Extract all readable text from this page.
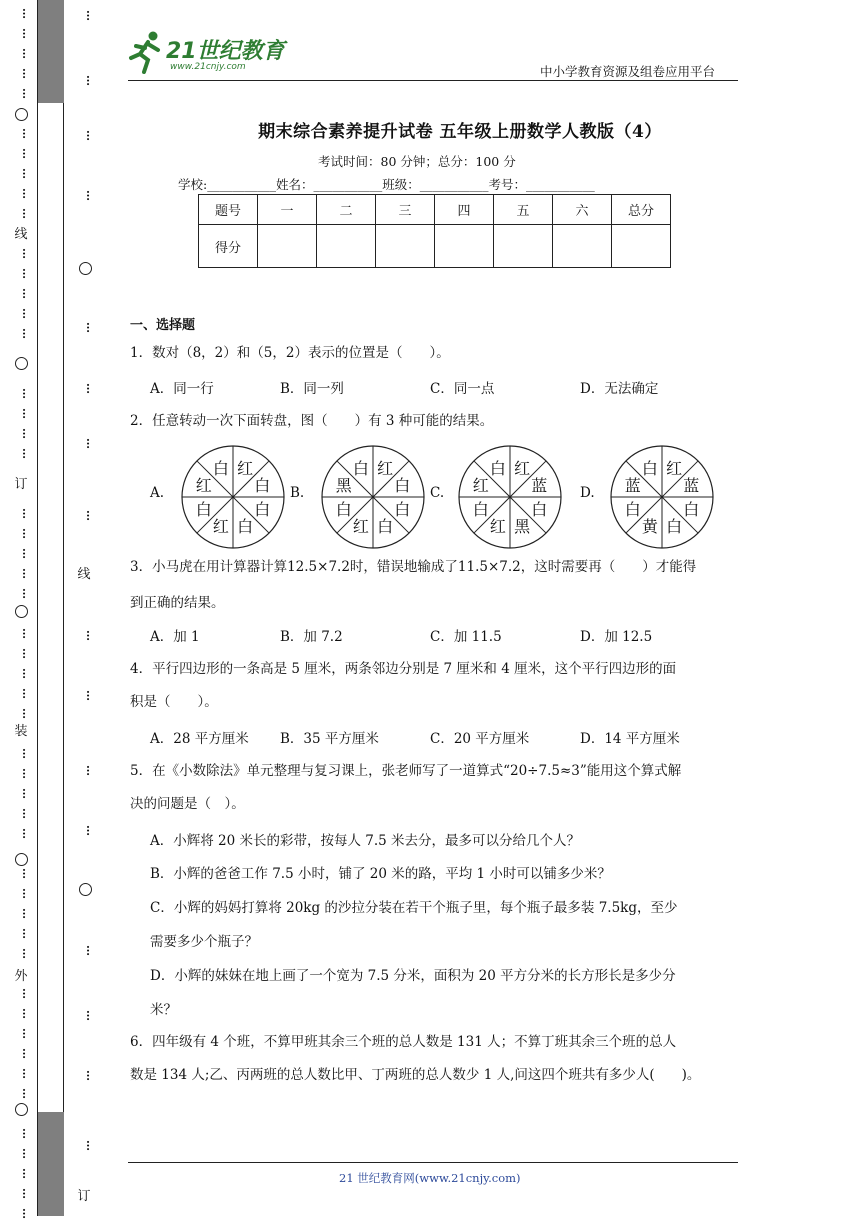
…
…
…
…
…
…
…
…
…
…
…
…
…
…
…
…
…
…
…
…
…
…
…
…
…
…
…
…
…
…
…
…
…
…
…
…
…
…
…
…
…
…
…
…
…
…
…
…
…
…
…
…
…
…
…
…
…
…
…
…
…
…
…
…
…
…
线
订
装
外
线
订
21世纪教育
www.21cnjy.com	中小学教育资源及组卷应用平台
期末综合素养提升试卷 五年级上册数学人教版（4）
考试时间：80 分钟；总分：100 分
学校:___________姓名：___________班级：___________考号：___________
题号	一	二	三	四	五	六	总分
得分							
一、选择题
1．数对（8，2）和（5，2）表示的位置是（　　）。
A．同一行	B．同一列	C．同一点	D．无法确定
2．任意转动一次下面转盘，图（　　）有 3 种可能的结果。
A.
白 红
白
白
白
红
白
红	B.
白 红
白
白
白
红
白
黑	C.
白 红
蓝
白
黑
红
白
红	D.
白 红
蓝
白
白
黄
白
蓝
3．小马虎在用计算器计算12.5×7.2时，错误地输成了11.5×7.2，这时需要再（　　）才能得
到正确的结果。
A．加 1	B．加 7.2	C．加 11.5	D．加 12.5
4．平行四边形的一条高是 5 厘米，两条邻边分别是 7 厘米和 4 厘米，这个平行四边形的面
积是（　　）。
A．28 平方厘米 B．35 平方厘米	C．20 平方厘米	D．14 平方厘米
5．在《小数除法》单元整理与复习课上，张老师写了一道算式“20÷7.5≈3”能用这个算式解
决的问题是（　）。
A．小辉将 20 米长的彩带，按每人 7.5 米去分，最多可以分给几个人？
B．小辉的爸爸工作 7.5 小时，铺了 20 米的路，平均 1 小时可以铺多少米？
C．小辉的妈妈打算将 20kg 的沙拉分装在若干个瓶子里，每个瓶子最多装 7.5kg，至少
需要多少个瓶子？
D．小辉的妹妹在地上画了一个宽为 7.5 分米，面积为 20 平方分米的长方形长是多少分
米？
6．四年级有 4 个班，不算甲班其余三个班的总人数是 131 人；不算丁班其余三个班的总人
数是 134 人;乙、丙两班的总人数比甲、丁两班的总人数少 1 人,问这四个班共有多少人(　　)。
21 世纪教育网(www.21cnjy.com)
